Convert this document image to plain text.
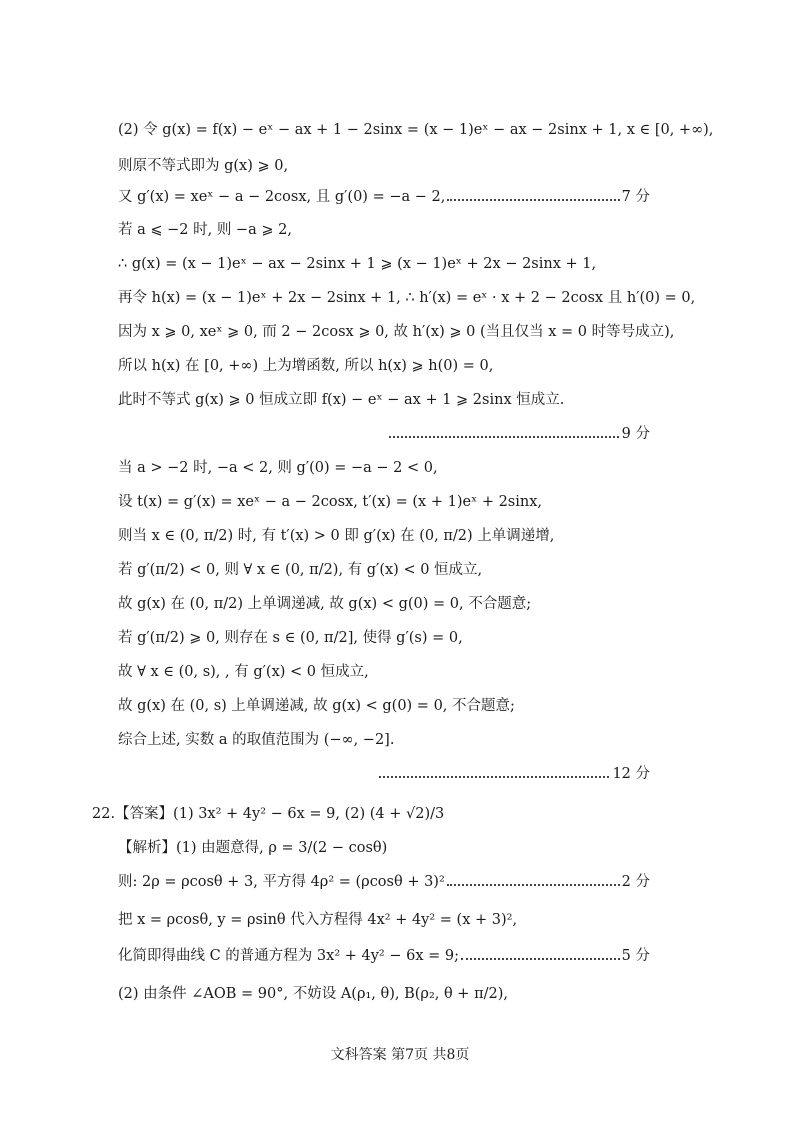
(2) 令 g(x) = f(x) − eˣ − ax + 1 − 2sinx = (x − 1)eˣ − ax − 2sinx + 1, x ∈ [0, +∞),
则原不等式即为 g(x) ⩾ 0,
又 g′(x) = xeˣ − a − 2cosx, 且 g′(0) = −a − 2,	7 分
若 a ⩽ −2 时, 则 −a ⩾ 2,
∴ g(x) = (x − 1)eˣ − ax − 2sinx + 1 ⩾ (x − 1)eˣ + 2x − 2sinx + 1,
再令 h(x) = (x − 1)eˣ + 2x − 2sinx + 1, ∴ h′(x) = eˣ · x + 2 − 2cosx 且 h′(0) = 0,
因为 x ⩾ 0, xeˣ ⩾ 0, 而 2 − 2cosx ⩾ 0, 故 h′(x) ⩾ 0 (当且仅当 x = 0 时等号成立),
所以 h(x) 在 [0, +∞) 上为增函数, 所以 h(x) ⩾ h(0) = 0,
此时不等式 g(x) ⩾ 0 恒成立即 f(x) − eˣ − ax + 1 ⩾ 2sinx 恒成立.
9 分
当 a > −2 时, −a < 2, 则 g′(0) = −a − 2 < 0,
设 t(x) = g′(x) = xeˣ − a − 2cosx, t′(x) = (x + 1)eˣ + 2sinx,
则当 x ∈ (0, π/2) 时, 有 t′(x) > 0 即 g′(x) 在 (0, π/2) 上单调递增,
若 g′(π/2) < 0, 则 ∀ x ∈ (0, π/2), 有 g′(x) < 0 恒成立,
故 g(x) 在 (0, π/2) 上单调递减, 故 g(x) < g(0) = 0, 不合题意;
若 g′(π/2) ⩾ 0, 则存在 s ∈ (0, π/2], 使得 g′(s) = 0,
故 ∀ x ∈ (0, s), , 有 g′(x) < 0 恒成立,
故 g(x) 在 (0, s) 上单调递减, 故 g(x) < g(0) = 0, 不合题意;
综合上述, 实数 a 的取值范围为 (−∞, −2].
12 分
22.【答案】(1) 3x² + 4y² − 6x = 9, (2) (4 + √2)/3
【解析】(1) 由题意得, ρ = 3/(2 − cosθ)
则: 2ρ = ρcosθ + 3, 平方得 4ρ² = (ρcosθ + 3)²	2 分
把 x = ρcosθ, y = ρsinθ 代入方程得 4x² + 4y² = (x + 3)²,
化简即得曲线 C 的普通方程为 3x² + 4y² − 6x = 9;	5 分
(2) 由条件 ∠AOB = 90°, 不妨设 A(ρ₁, θ), B(ρ₂, θ + π/2),
文科答案 第7页 共8页
